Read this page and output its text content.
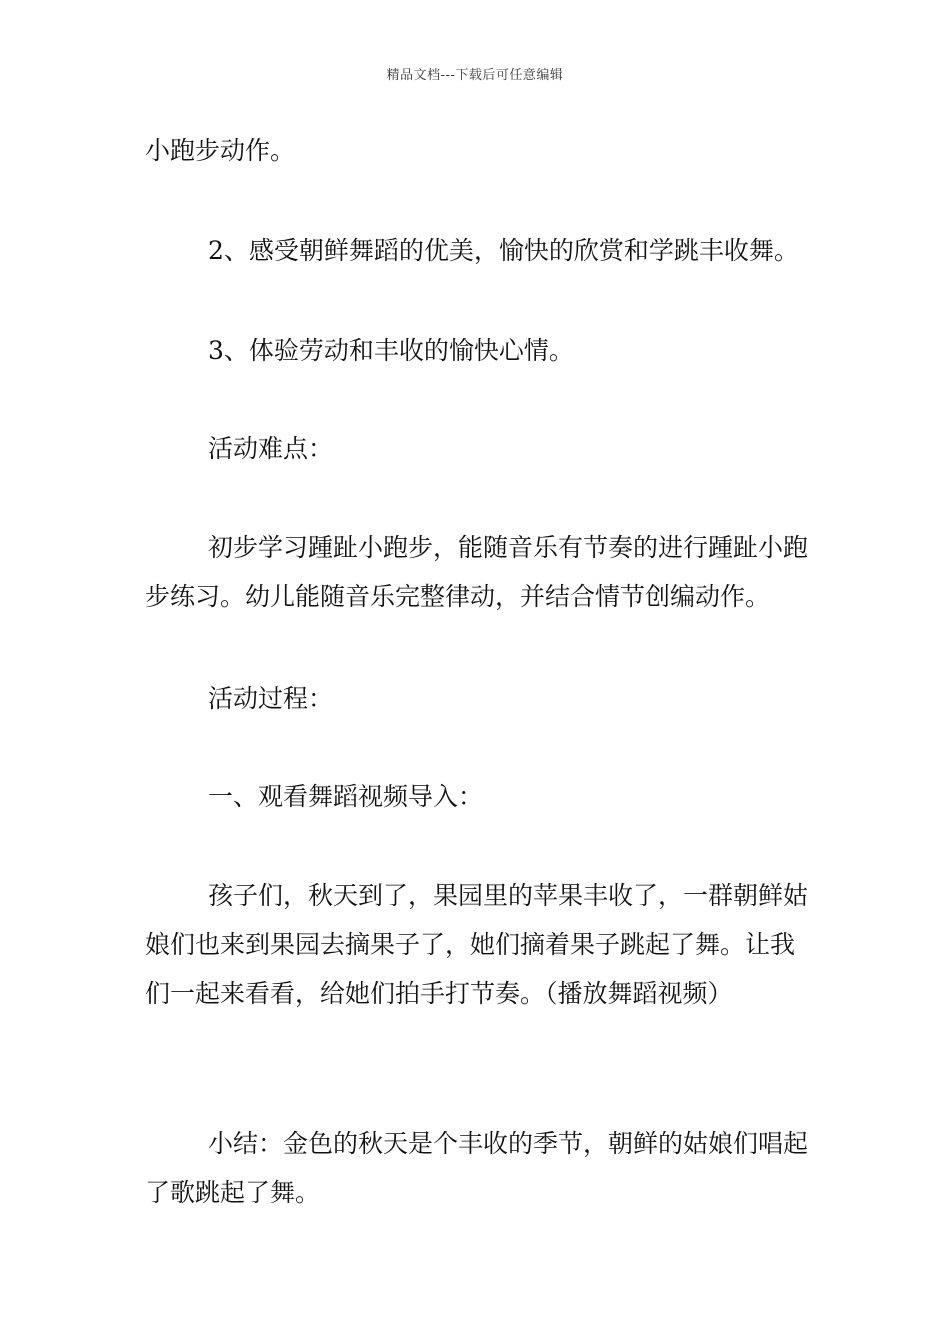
精品文档---下载后可任意编辑

小跑步动作。

2、感受朝鲜舞蹈的优美，愉快的欣赏和学跳丰收舞。

3、体验劳动和丰收的愉快心情。

活动难点：

初步学习踵趾小跑步，能随音乐有节奏的进行踵趾小跑步练习。幼儿能随音乐完整律动，并结合情节创编动作。

活动过程：

一、观看舞蹈视频导入：

孩子们，秋天到了，果园里的苹果丰收了，一群朝鲜姑娘们也来到果园去摘果子了，她们摘着果子跳起了舞。让我们一起来看看，给她们拍手打节奏。（播放舞蹈视频）

小结：金色的秋天是个丰收的季节，朝鲜的姑娘们唱起了歌跳起了舞。
